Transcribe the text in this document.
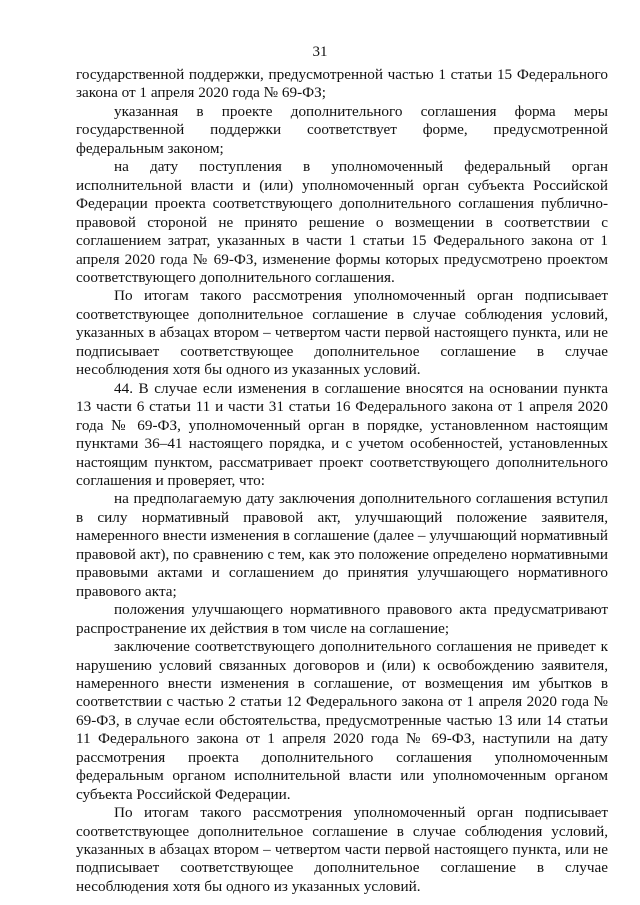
31

государственной поддержки, предусмотренной частью 1 статьи 15 Федерального закона от 1 апреля 2020 года № 69-ФЗ;

указанная в проекте дополнительного соглашения форма меры государственной поддержки соответствует форме, предусмотренной федеральным законом;

на дату поступления в уполномоченный федеральный орган исполнительной власти и (или) уполномоченный орган субъекта Российской Федерации проекта соответствующего дополнительного соглашения публично-правовой стороной не принято решение о возмещении в соответствии с соглашением затрат, указанных в части 1 статьи 15 Федерального закона от 1 апреля 2020 года № 69-ФЗ, изменение формы которых предусмотрено проектом соответствующего дополнительного соглашения.

По итогам такого рассмотрения уполномоченный орган подписывает соответствующее дополнительное соглашение в случае соблюдения условий, указанных в абзацах втором – четвертом части первой настоящего пункта, или не подписывает соответствующее дополнительное соглашение в случае несоблюдения хотя бы одного из указанных условий.

44. В случае если изменения в соглашение вносятся на основании пункта 13 части 6 статьи 11 и части 31 статьи 16 Федерального закона от 1 апреля 2020 года № 69-ФЗ, уполномоченный орган в порядке, установленном настоящим пунктами 36–41 настоящего порядка, и с учетом особенностей, установленных настоящим пунктом, рассматривает проект соответствующего дополнительного соглашения и проверяет, что:

на предполагаемую дату заключения дополнительного соглашения вступил в силу нормативный правовой акт, улучшающий положение заявителя, намеренного внести изменения в соглашение (далее – улучшающий нормативный правовой акт), по сравнению с тем, как это положение определено нормативными правовыми актами и соглашением до принятия улучшающего нормативного правового акта;

положения улучшающего нормативного правового акта предусматривают распространение их действия в том числе на соглашение;

заключение соответствующего дополнительного соглашения не приведет к нарушению условий связанных договоров и (или) к освобождению заявителя, намеренного внести изменения в соглашение, от возмещения им убытков в соответствии с частью 2 статьи 12 Федерального закона от 1 апреля 2020 года № 69-ФЗ, в случае если обстоятельства, предусмотренные частью 13 или 14 статьи 11 Федерального закона от 1 апреля 2020 года № 69-ФЗ, наступили на дату рассмотрения проекта дополнительного соглашения уполномоченным федеральным органом исполнительной власти или уполномоченным органом субъекта Российской Федерации.

По итогам такого рассмотрения уполномоченный орган подписывает соответствующее дополнительное соглашение в случае соблюдения условий, указанных в абзацах втором – четвертом части первой настоящего пункта, или не подписывает соответствующее дополнительное соглашение в случае несоблюдения хотя бы одного из указанных условий.
